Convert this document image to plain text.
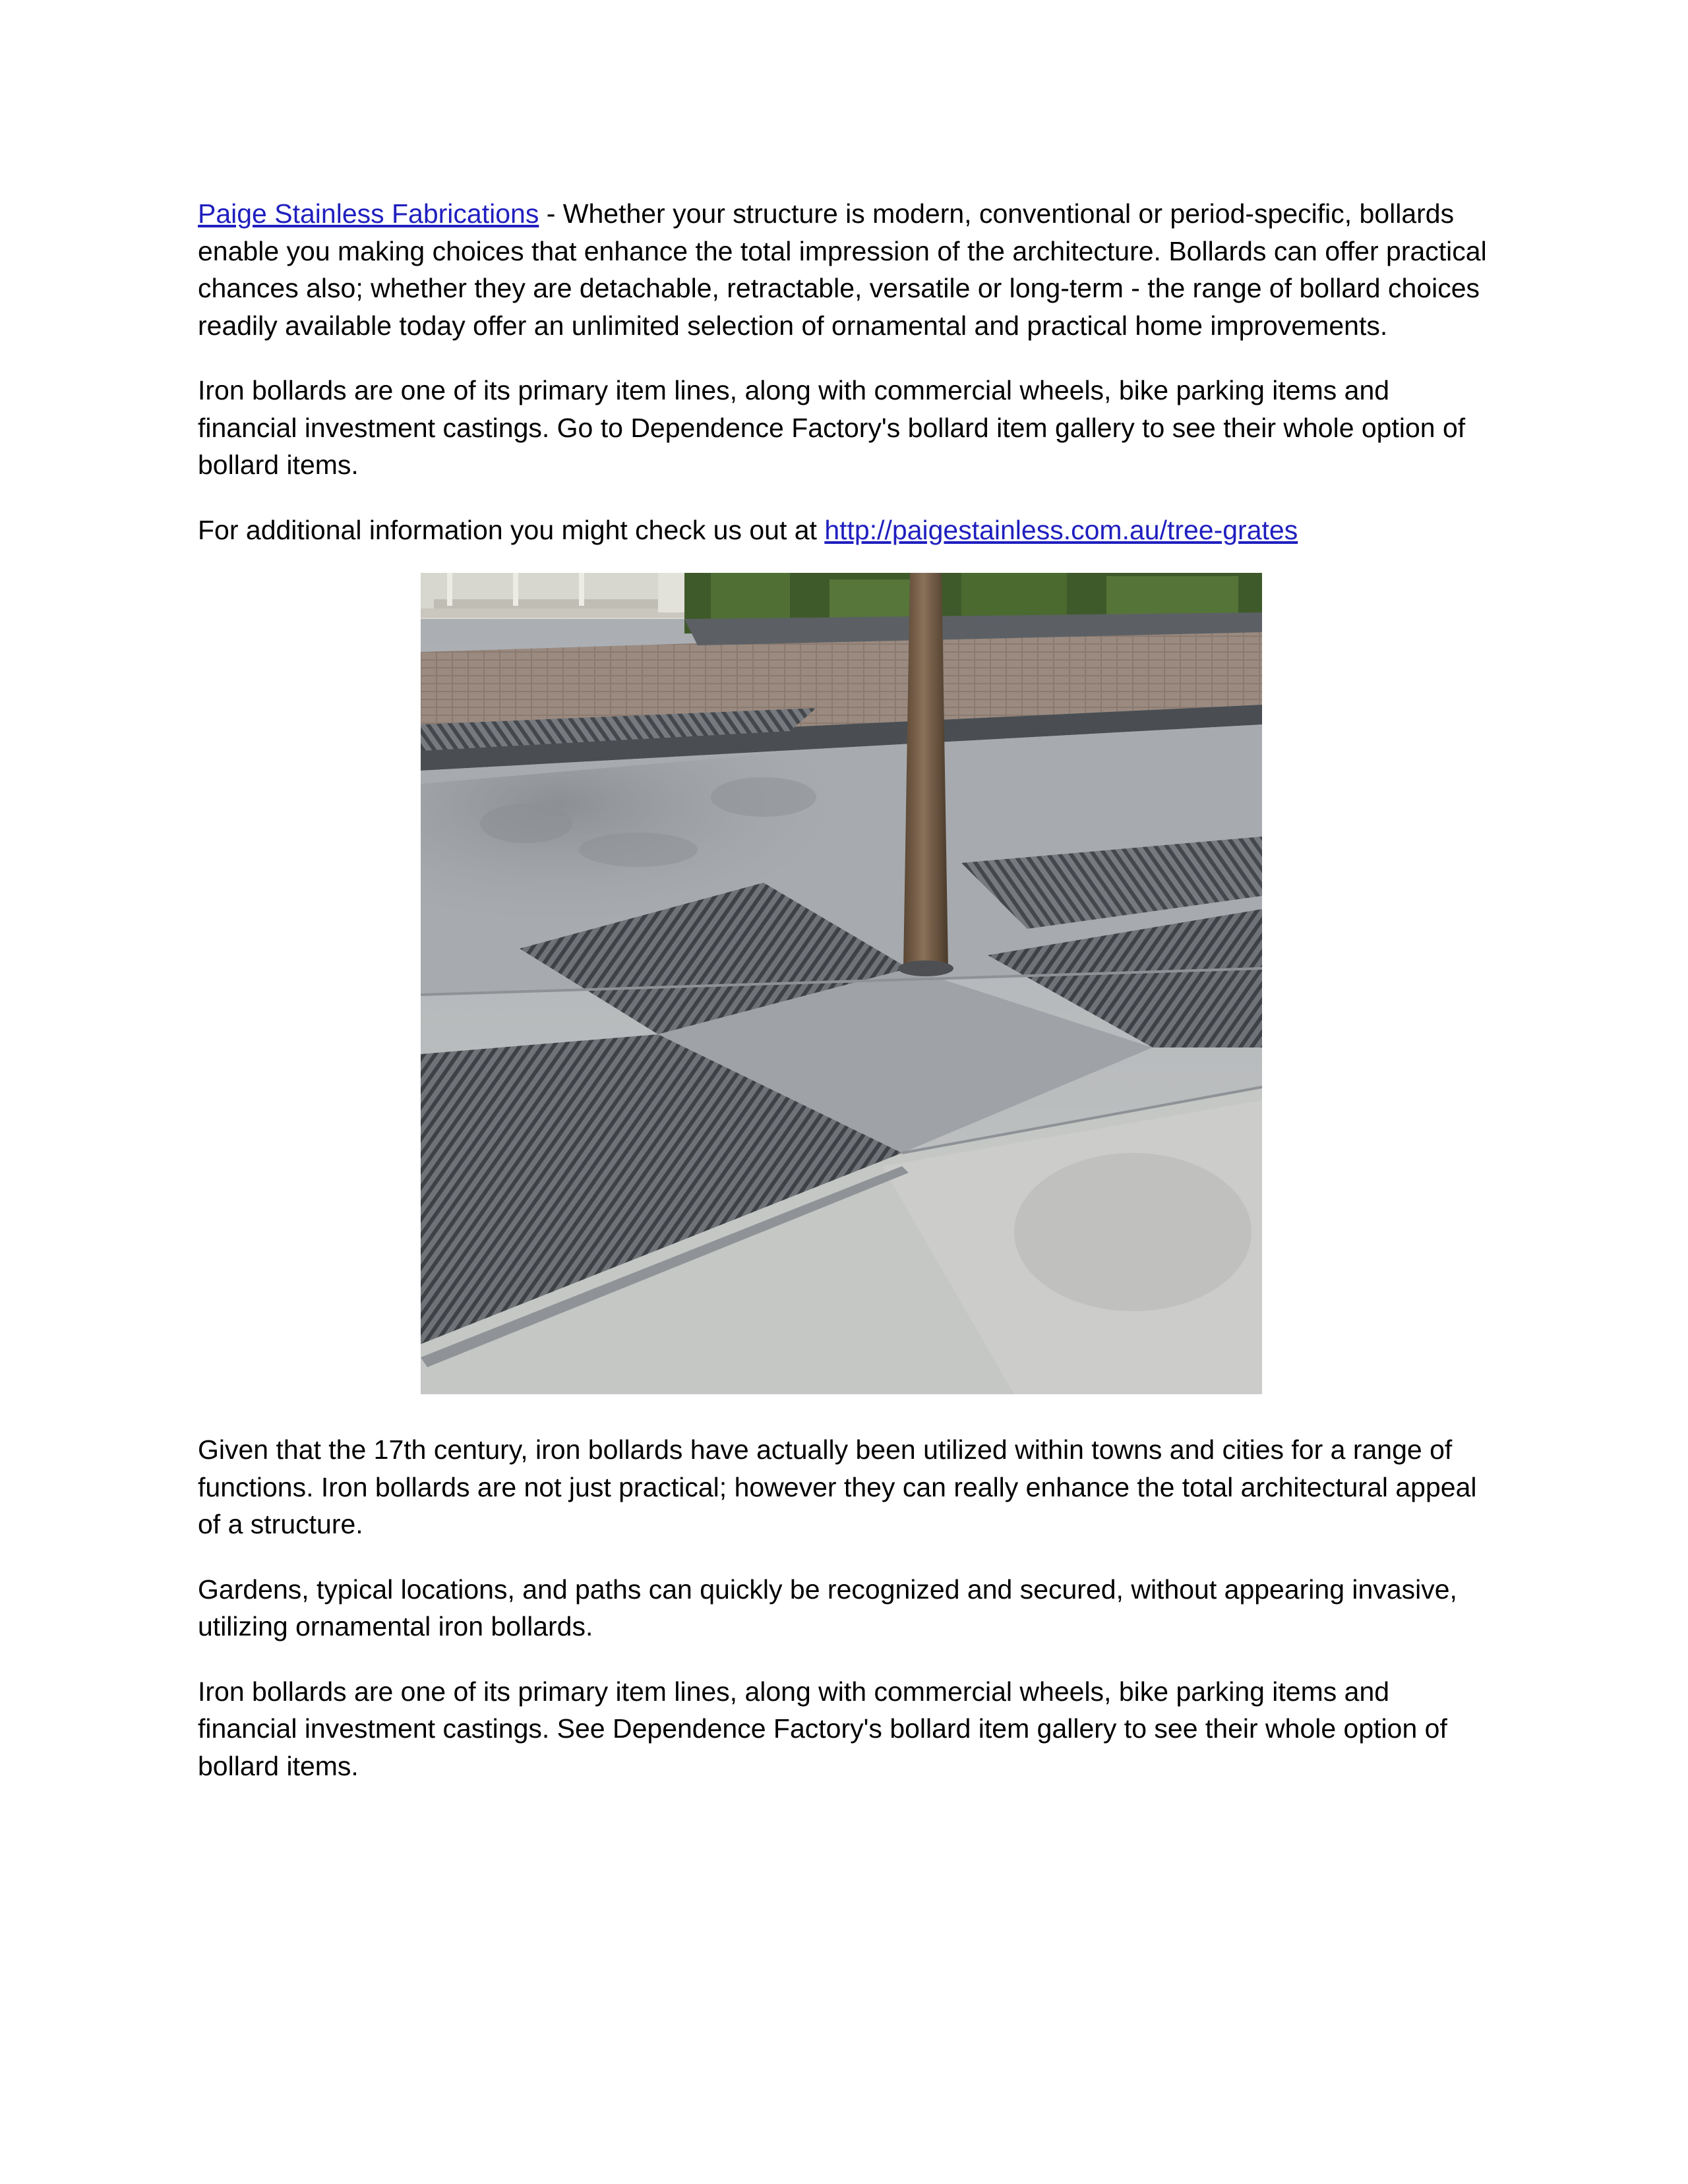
Paige Stainless Fabrications - Whether your structure is modern, conventional or period-specific, bollards enable you making choices that enhance the total impression of the architecture. Bollards can offer practical chances also; whether they are detachable, retractable, versatile or long-term - the range of bollard choices readily available today offer an unlimited selection of ornamental and practical home improvements.

Iron bollards are one of its primary item lines, along with commercial wheels, bike parking items and financial investment castings. Go to Dependence Factory's bollard item gallery to see their whole option of bollard items.

For additional information you might check us out at http://paigestainless.com.au/tree-grates

Given that the 17th century, iron bollards have actually been utilized within towns and cities for a range of functions. Iron bollards are not just practical; however they can really enhance the total architectural appeal of a structure.

Gardens, typical locations, and paths can quickly be recognized and secured, without appearing invasive, utilizing ornamental iron bollards.

Iron bollards are one of its primary item lines, along with commercial wheels, bike parking items and financial investment castings. See Dependence Factory's bollard item gallery to see their whole option of bollard items.
